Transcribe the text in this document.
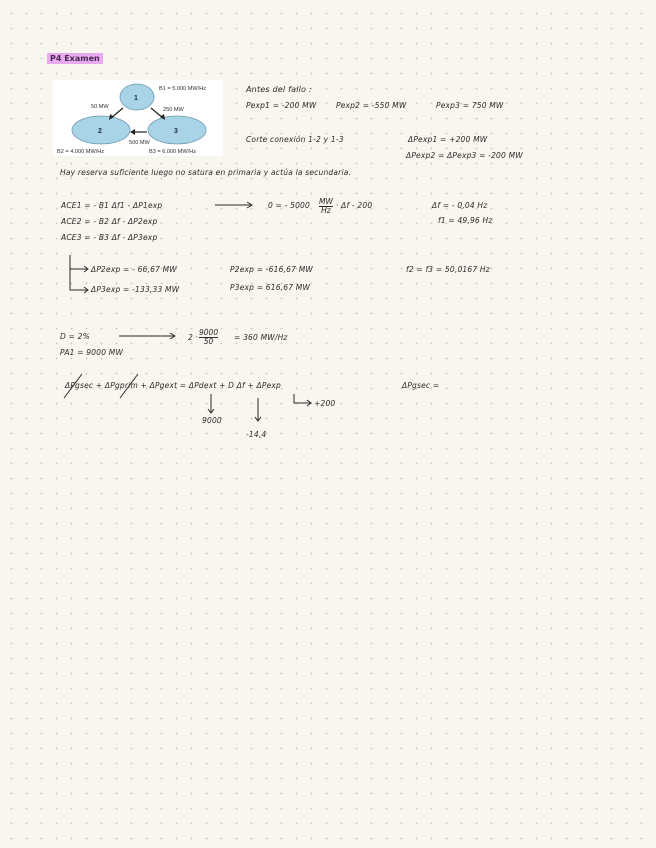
P4 Examen
1
2	3
B1 = 5.000 MW/Hz
50 MW	250 MW
500 MW
B2 = 4.000 MW/Hz	B3 = 6.000 MW/Hz
Antes del fallo :
Pexp1 = -200 MW	Pexp2 = -550 MW	Pexp3 = 750 MW
Corte conexión 1-2 y 1-3	ΔPexp1 = +200 MW
ΔPexp2 = ΔPexp3 = -200 MW
Hay reserva suficiente luego no satura en primaria y actúa la secundaria.
ACE1 = - B1 Δf1 - ΔP1exp
ACE2 = - B2 Δf - ΔP2exp
ACE3 = - B3 Δf - ΔP3exp
0 = - $5000 \frac{MW}{Hz} \cdot \Delta f - 200$	Δf = - 0,04 Hz
f1 = 49,96 Hz
ΔP2exp = - 66,67 MW
ΔP3exp = -133,33 MW
P2exp = -616,67 MW
P3exp = 616,67 MW
f2 = f3 = 50,0167 Hz
D = 2%
PA1 = 9000 MW
$2 \cdot \frac{9000}{50} = 360$ MW/Hz
ΔPgsec + ΔPgprim + ΔPgext = ΔPdext + D Δf + ΔPexp	ΔPgsec =
9000
-14,4
+200
